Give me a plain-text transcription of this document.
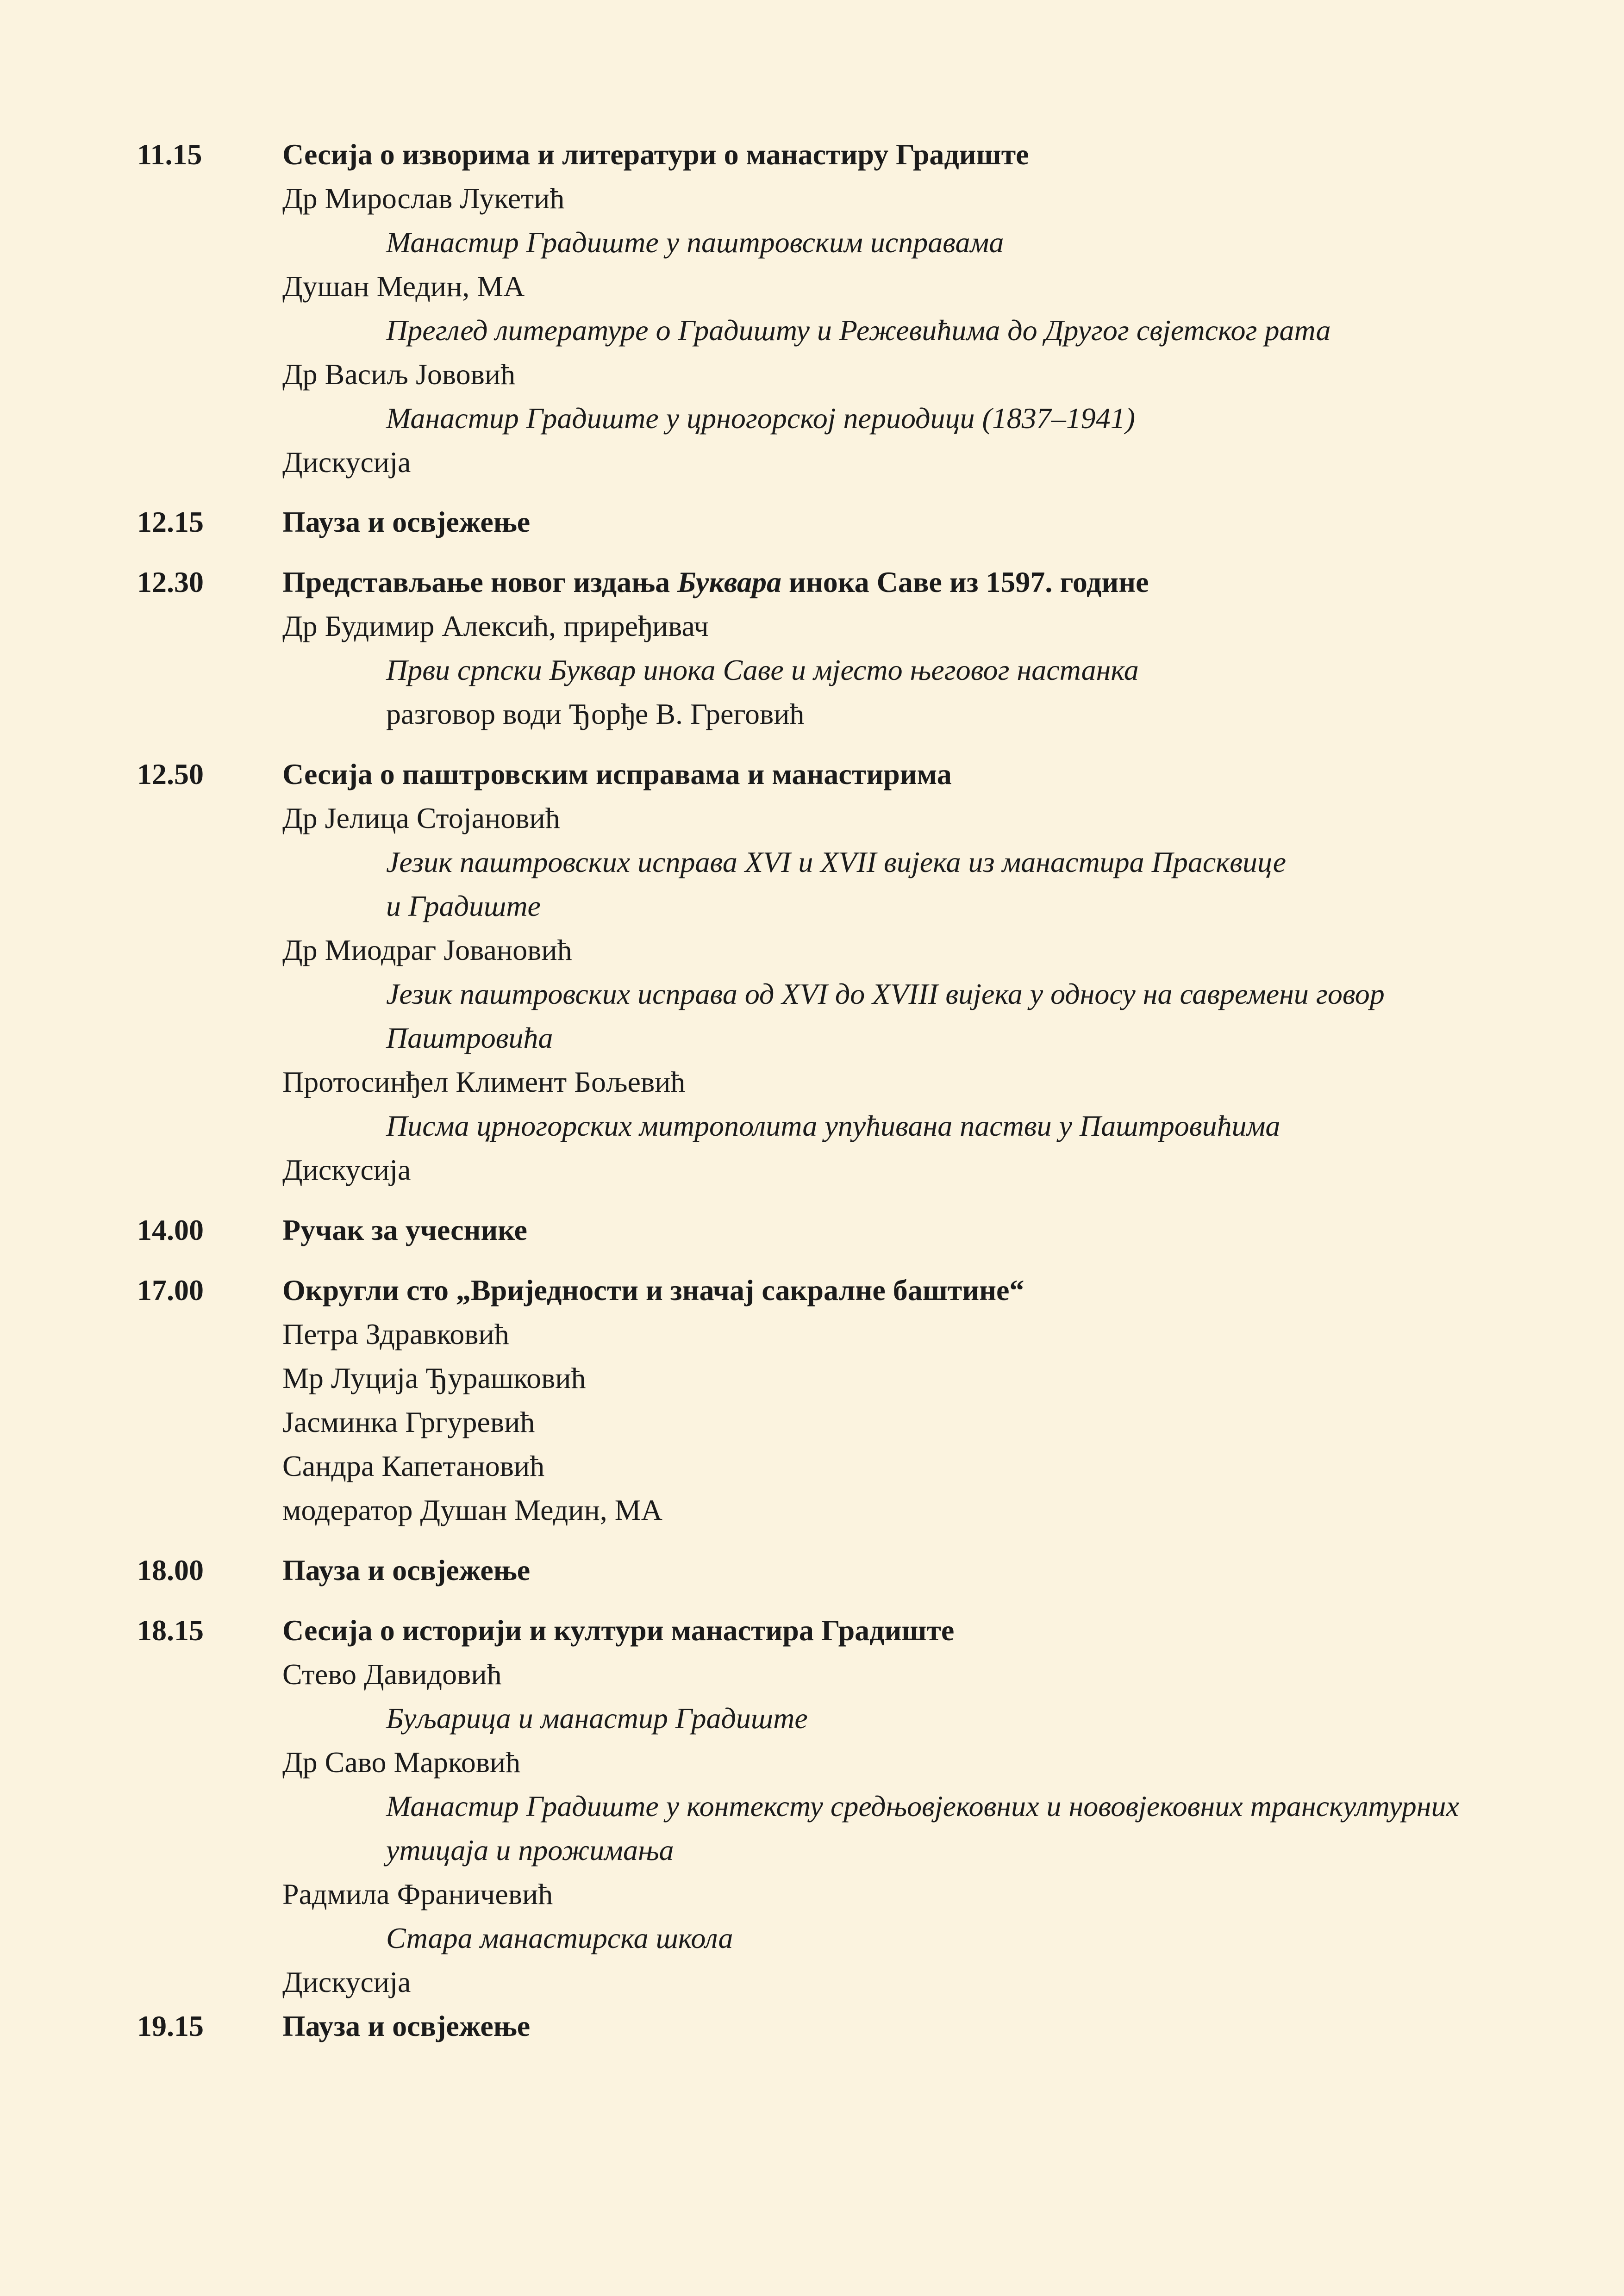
11.15	Сесија о изворима и литератури о манастиру Градиште
Др Мирослав Лукетић
Манастир Градиште у паштровским исправама
Душан Медин, МА
Преглед литературе о Градишту и Режевићима до Другог свјетског рата
Др Васиљ Јововић
Манастир Градиште у црногорској периодици (1837–1941)
Дискусија
12.15	Пауза и освјежење
12.30	Представљање новог издања Буквара инока Саве из 1597. године
Др Будимир Алексић, приређивач
Први српски Буквар инока Саве и мјесто његовог настанка
разговор води Ђорђе В. Греговић
12.50	Сесија о паштровским исправама и манастирима
Др Јелица Стојановић
Језик паштровских исправа XVI и XVII вијека из манастира Прасквице
и Градиште
Др Миодраг Јовановић
Језик паштровских исправа од XVI до XVIII вијека у односу на савремени говор
Паштровића
Протосинђел Климент Бољевић
Писма црногорских митрополита упућивана пастви у Паштровићима
Дискусија
14.00	Ручак за учеснике
17.00	Округли сто „Вриједности и значај сакралне баштине“
Петра Здравковић
Мр Луција Ђурашковић
Јасминка Гргуревић
Сандра Капетановић
модератор Душан Медин, МА
18.00	Пауза и освјежење
18.15	Сесија о историји и култури манастира Градиште
Стево Давидовић
Буљарица и манастир Градиште
Др Саво Марковић
Манастир Градиште у контексту средњовјековних и нововјековних транскултурних
утицаја и прожимања
Радмила Франичевић
Стара манастирска школа
Дискусија
19.15	Пауза и освјежење
